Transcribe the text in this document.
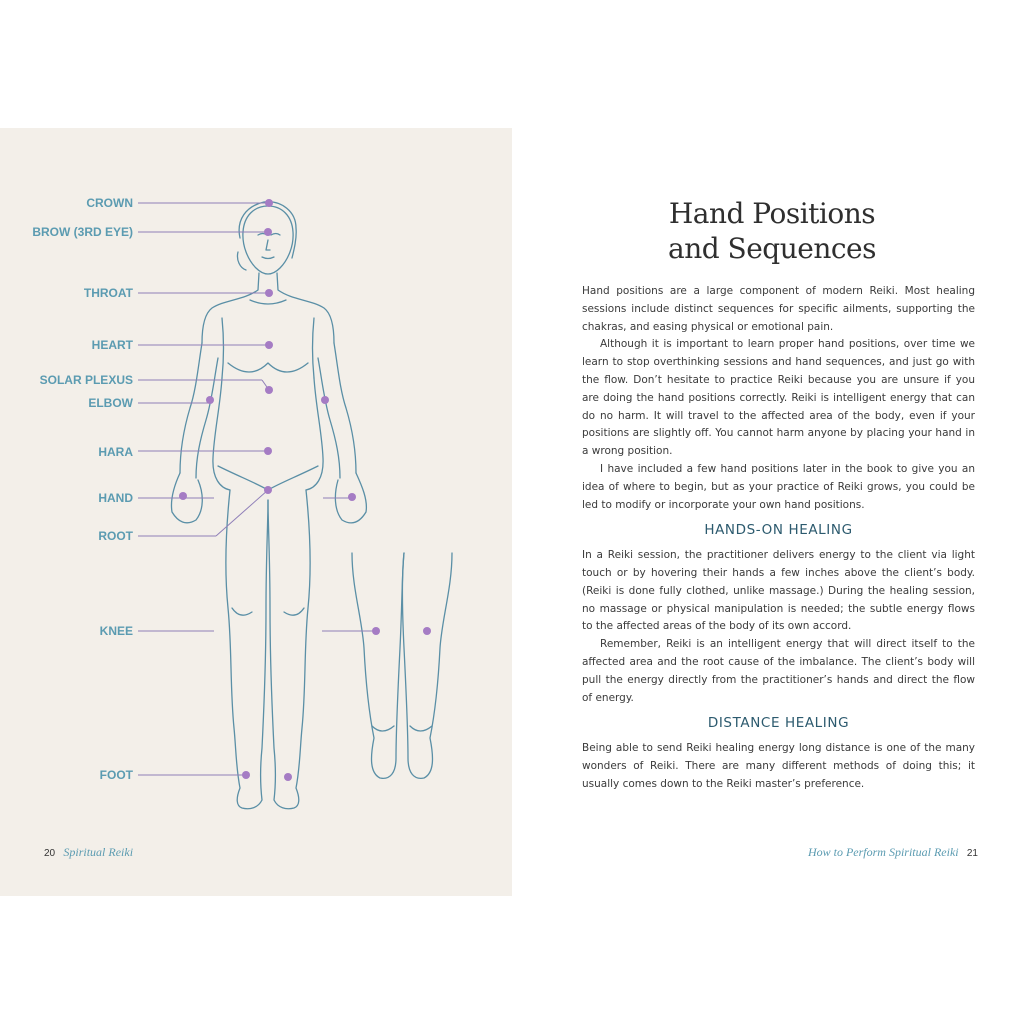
CROWN
BROW (3RD EYE)
THROAT
HEART
SOLAR PLEXUS
ELBOW
HARA
HAND
ROOT
KNEE
FOOT
20 Spiritual Reiki
Hand Positions
and Sequences

Hand positions are a large component of modern Reiki. Most healing sessions include distinct sequences for specific ailments, supporting the chakras, and easing physical or emotional pain.

Although it is important to learn proper hand positions, over time we learn to stop overthinking sessions and hand sequences, and just go with the flow. Don’t hesitate to practice Reiki because you are unsure if you are doing the hand positions correctly. Reiki is intelligent energy that can do no harm. It will travel to the affected area of the body, even if your positions are slightly off. You cannot harm anyone by placing your hand in a wrong position.

I have included a few hand positions later in the book to give you an idea of where to begin, but as your practice of Reiki grows, you could be led to modify or incorporate your own hand positions.

HANDS-ON HEALING

In a Reiki session, the practitioner delivers energy to the client via light touch or by hovering their hands a few inches above the client’s body. (Reiki is done fully clothed, unlike massage.) During the healing session, no massage or physical manipulation is needed; the subtle energy flows to the affected areas of the body of its own accord.

Remember, Reiki is an intelligent energy that will direct itself to the affected area and the root cause of the imbalance. The client’s body will pull the energy directly from the practitioner’s hands and direct the flow of energy.

DISTANCE HEALING

Being able to send Reiki healing energy long distance is one of the many wonders of Reiki. There are many different methods of doing this; it usually comes down to the Reiki master’s preference.

How to Perform Spiritual Reiki 21
